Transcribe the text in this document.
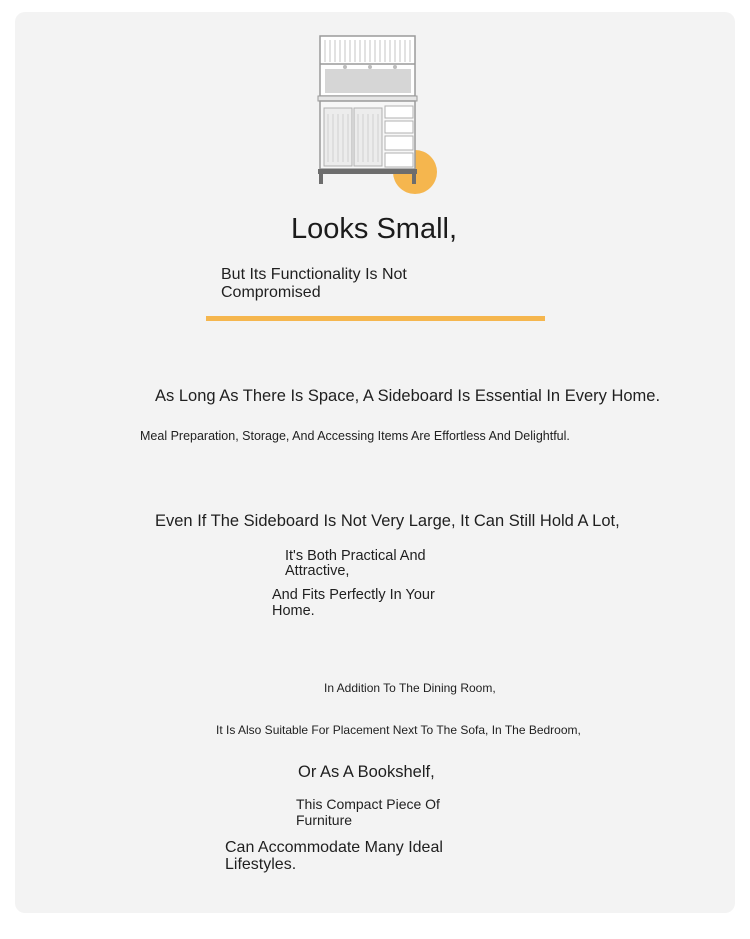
Looks Small,
But Its Functionality Is Not Compromised
As Long As There Is Space, A Sideboard Is Essential In Every Home.
Meal Preparation, Storage, And Accessing Items Are Effortless And Delightful.
Even If The Sideboard Is Not Very Large, It Can Still Hold A Lot,
It's Both Practical And Attractive,
And Fits Perfectly In Your Home.
In Addition To The Dining Room,
It Is Also Suitable For Placement Next To The Sofa, In The Bedroom,
Or As A Bookshelf,
This Compact Piece Of Furniture
Can Accommodate Many Ideal Lifestyles.
